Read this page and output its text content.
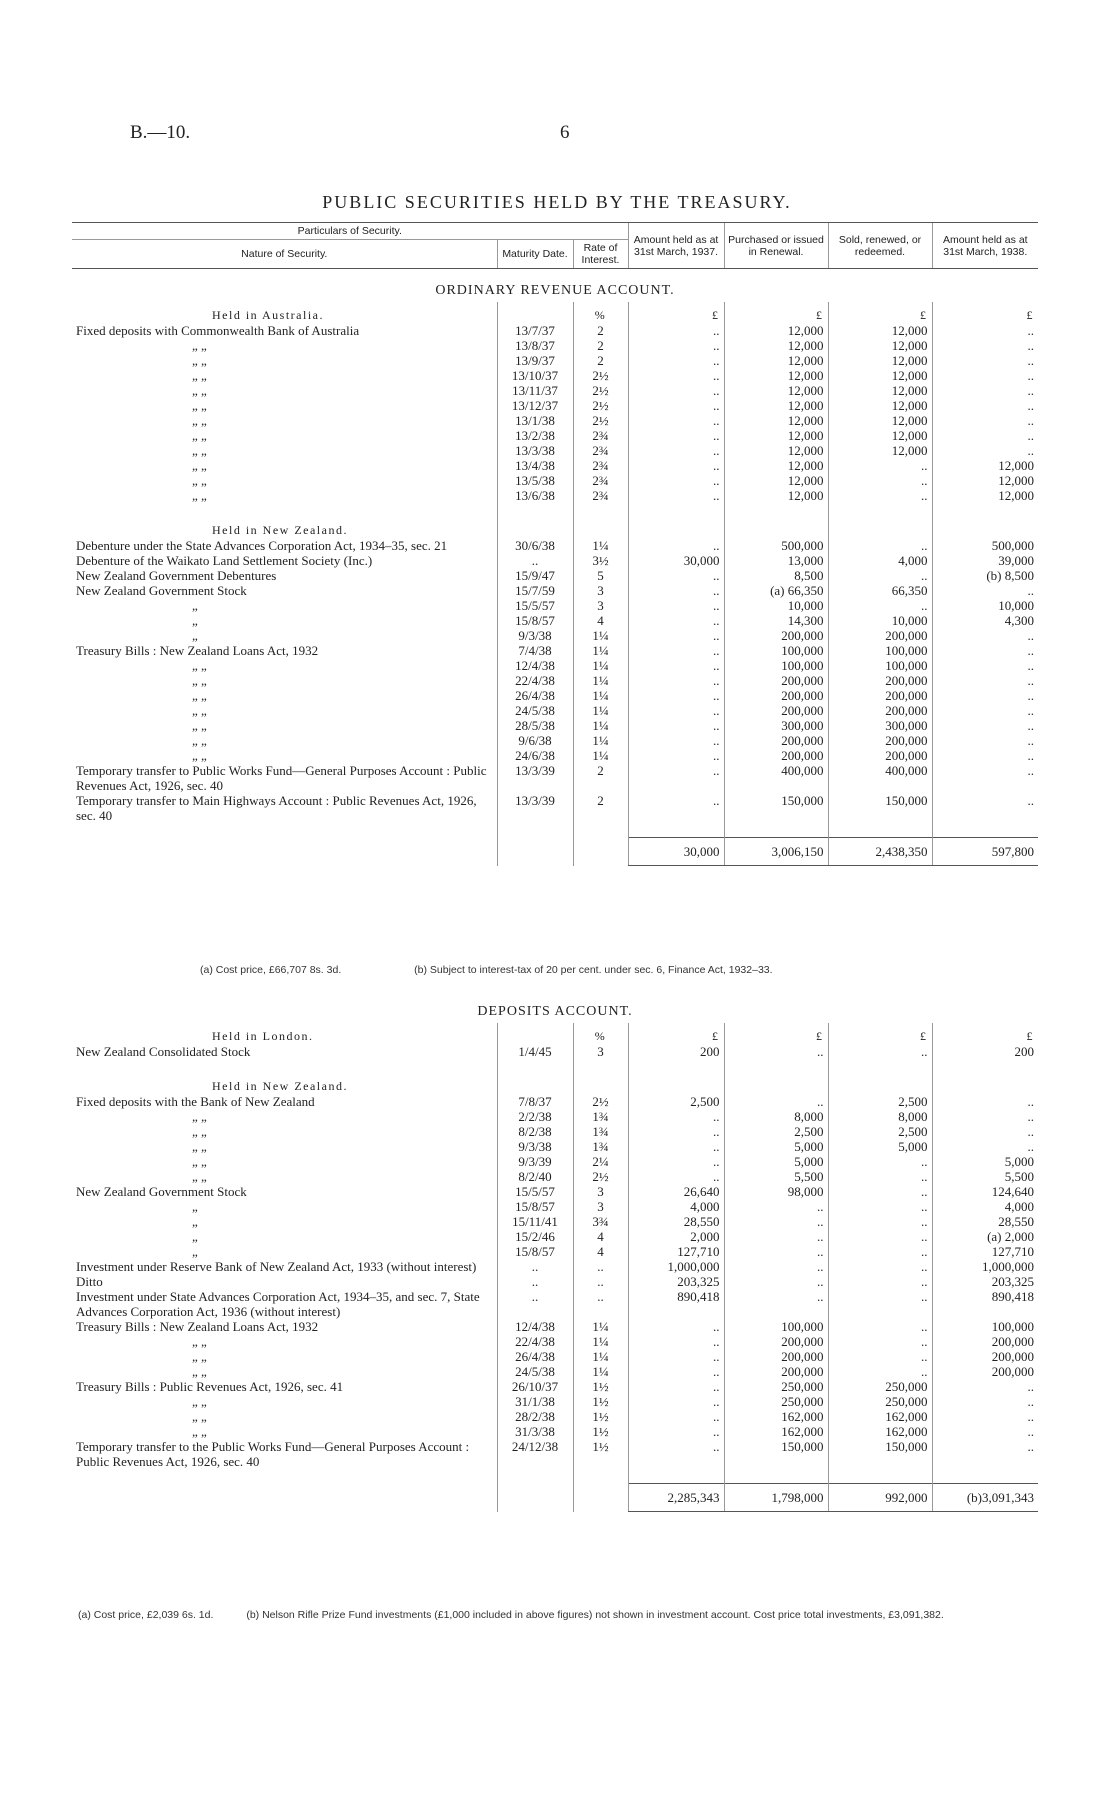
B.—10.	6
PUBLIC SECURITIES HELD BY THE TREASURY.
Particulars of Security.			Amount held as at 31st March, 1937.	Purchased or issued in Renewal.	Sold, renewed, or redeemed.	Amount held as at 31st March, 1938.
Nature of Security.	Maturity Date.	Rate of Interest.				
ORDINARY REVENUE ACCOUNT.						
Held in Australia.		%	£	£	£	£
Fixed deposits with Commonwealth Bank of Australia	13/7/37	2	..	12,000	12,000	..
„ „	13/8/37	2	..	12,000	12,000	..
„ „	13/9/37	2	..	12,000	12,000	..
„ „	13/10/37	2½	..	12,000	12,000	..
„ „	13/11/37	2½	..	12,000	12,000	..
„ „	13/12/37	2½	..	12,000	12,000	..
„ „	13/1/38	2½	..	12,000	12,000	..
„ „	13/2/38	2¾	..	12,000	12,000	..
„ „	13/3/38	2¾	..	12,000	12,000	..
„ „	13/4/38	2¾	..	12,000	..	12,000
„ „	13/5/38	2¾	..	12,000	..	12,000
„ „	13/6/38	2¾	..	12,000	..	12,000

Held in New Zealand.						
Debenture under the State Advances Corporation Act, 1934–35, sec. 21	30/6/38	1¼	..	500,000	..	500,000
Debenture of the Waikato Land Settlement Society (Inc.)	..	3½	30,000	13,000	4,000	39,000
New Zealand Government Debentures	15/9/47	5	..	8,500	..	(b) 8,500
New Zealand Government Stock	15/7/59	3	..	(a) 66,350	66,350	..
„	15/5/57	3	..	10,000	..	10,000
„	15/8/57	4	..	14,300	10,000	4,300
„	9/3/38	1¼	..	200,000	200,000	..
Treasury Bills : New Zealand Loans Act, 1932	7/4/38	1¼	..	100,000	100,000	..
„ „	12/4/38	1¼	..	100,000	100,000	..
„ „	22/4/38	1¼	..	200,000	200,000	..
„ „	26/4/38	1¼	..	200,000	200,000	..
„ „	24/5/38	1¼	..	200,000	200,000	..
„ „	28/5/38	1¼	..	300,000	300,000	..
„ „	9/6/38	1¼	..	200,000	200,000	..
„ „	24/6/38	1¼	..	200,000	200,000	..
Temporary transfer to Public Works Fund—General Purposes Account : Public Revenues Act, 1926, sec. 40	13/3/39	2	..	400,000	400,000	..
Temporary transfer to Main Highways Account : Public Revenues Act, 1926, sec. 40	13/3/39	2	..	150,000	150,000	..

			30,000	3,006,150	2,438,350	597,800
(a) Cost price, £66,707 8s. 3d.	(b) Subject to interest-tax of 20 per cent. under sec. 6, Finance Act, 1932–33.
DEPOSITS ACCOUNT.						
Held in London.		%	£	£	£	£
New Zealand Consolidated Stock	1/4/45	3	200	..	..	200

Held in New Zealand.						
Fixed deposits with the Bank of New Zealand	7/8/37	2½	2,500	..	2,500	..
„ „	2/2/38	1¾	..	8,000	8,000	..
„ „	8/2/38	1¾	..	2,500	2,500	..
„ „	9/3/38	1¾	..	5,000	5,000	..
„ „	9/3/39	2¼	..	5,000	..	5,000
„ „	8/2/40	2½	..	5,500	..	5,500
New Zealand Government Stock	15/5/57	3	26,640	98,000	..	124,640
„	15/8/57	3	4,000	..	..	4,000
„	15/11/41	3¾	28,550	..	..	28,550
„	15/2/46	4	2,000	..	..	(a) 2,000
„	15/8/57	4	127,710	..	..	127,710
Investment under Reserve Bank of New Zealand Act, 1933 (without interest)	..	..	1,000,000	..	..	1,000,000
Ditto	..	..	203,325	..	..	203,325
Investment under State Advances Corporation Act, 1934–35, and sec. 7, State Advances Corporation Act, 1936 (without interest)	..	..	890,418	..	..	890,418
Treasury Bills : New Zealand Loans Act, 1932	12/4/38	1¼	..	100,000	..	100,000
„ „	22/4/38	1¼	..	200,000	..	200,000
„ „	26/4/38	1¼	..	200,000	..	200,000
„ „	24/5/38	1¼	..	200,000	..	200,000
Treasury Bills : Public Revenues Act, 1926, sec. 41	26/10/37	1½	..	250,000	250,000	..
„ „	31/1/38	1½	..	250,000	250,000	..
„ „	28/2/38	1½	..	162,000	162,000	..
„ „	31/3/38	1½	..	162,000	162,000	..
Temporary transfer to the Public Works Fund—General Purposes Account : Public Revenues Act, 1926, sec. 40	24/12/38	1½	..	150,000	150,000	..

			2,285,343	1,798,000	992,000	(b)3,091,343
(a) Cost price, £2,039 6s. 1d.	(b) Nelson Rifle Prize Fund investments (£1,000 included in above figures) not shown in investment account. Cost price total investments, £3,091,382.
